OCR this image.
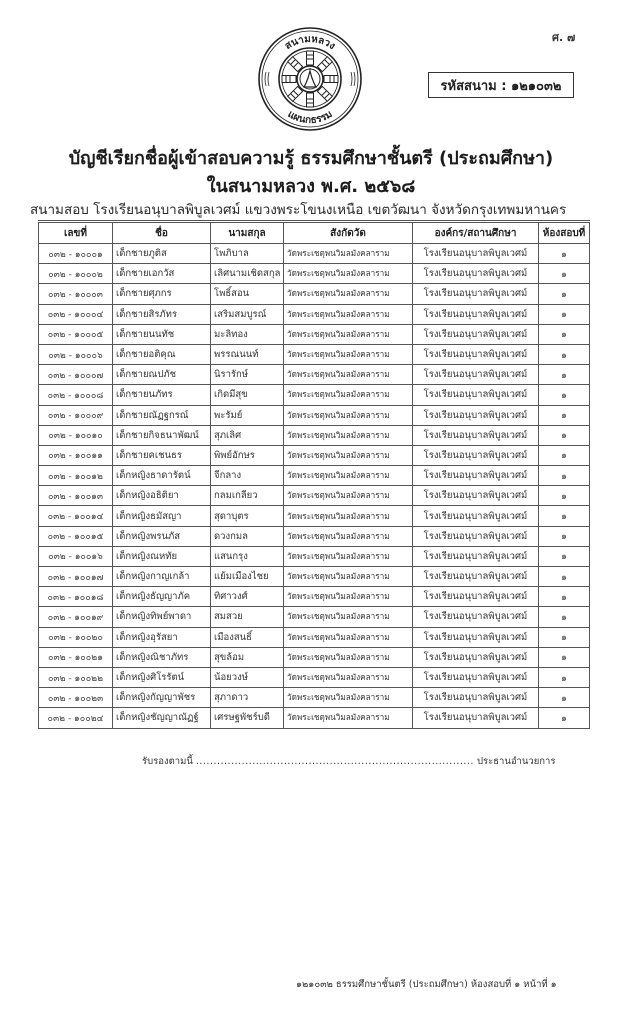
ศ. ๗
สนามหลวง
แผนกธรรม
รหัสสนาม : ๑๒๑๐๓๒
บัญชีเรียกชื่อผู้เข้าสอบความรู้ ธรรมศึกษาชั้นตรี (ประถมศึกษา)
ในสนามหลวง พ.ศ. ๒๕๖๘
สนามสอบ โรงเรียนอนุบาลพิบูลเวศม์ แขวงพระโขนงเหนือ เขตวัฒนา จังหวัดกรุงเทพมหานคร
เลขที่	ชื่อ	นามสกุล	สังกัดวัด	องค์กร/สถานศึกษา	ห้องสอบที่
๐๓๒ - ๑๐๐๐๑	เด็กชายภูติส	โพภิบาล	วัดพระเชตุพนวิมลมังคลาราม	โรงเรียนอนุบาลพิบูลเวศม์	๑
๐๓๒ - ๑๐๐๐๒	เด็กชายเอกวัส	เลิศนามเชิดสกุล	วัดพระเชตุพนวิมลมังคลาราม	โรงเรียนอนุบาลพิบูลเวศม์	๑
๐๓๒ - ๑๐๐๐๓	เด็กชายศุภกร	โพธิ์สอน	วัดพระเชตุพนวิมลมังคลาราม	โรงเรียนอนุบาลพิบูลเวศม์	๑
๐๓๒ - ๑๐๐๐๔	เด็กชายสิรภัทร	เสริมสมบูรณ์	วัดพระเชตุพนวิมลมังคลาราม	โรงเรียนอนุบาลพิบูลเวศม์	๑
๐๓๒ - ๑๐๐๐๕	เด็กชายนนทัช	มะลิทอง	วัดพระเชตุพนวิมลมังคลาราม	โรงเรียนอนุบาลพิบูลเวศม์	๑
๐๓๒ - ๑๐๐๐๖	เด็กชายอติคุณ	พรรณนนท์	วัดพระเชตุพนวิมลมังคลาราม	โรงเรียนอนุบาลพิบูลเวศม์	๑
๐๓๒ - ๑๐๐๐๗	เด็กชายณปภัช	นิรารักษ์	วัดพระเชตุพนวิมลมังคลาราม	โรงเรียนอนุบาลพิบูลเวศม์	๑
๐๓๒ - ๑๐๐๐๘	เด็กชายนภัทร	เกิดมีสุข	วัดพระเชตุพนวิมลมังคลาราม	โรงเรียนอนุบาลพิบูลเวศม์	๑
๐๓๒ - ๑๐๐๐๙	เด็กชายณัฏฐกรณ์	พะรัมย์	วัดพระเชตุพนวิมลมังคลาราม	โรงเรียนอนุบาลพิบูลเวศม์	๑
๐๓๒ - ๑๐๐๑๐	เด็กชายกิจธนาพัฒน์	สุภเลิศ	วัดพระเชตุพนวิมลมังคลาราม	โรงเรียนอนุบาลพิบูลเวศม์	๑
๐๓๒ - ๑๐๐๑๑	เด็กชายคเชนธร	พิพย์อักษร	วัดพระเชตุพนวิมลมังคลาราม	โรงเรียนอนุบาลพิบูลเวศม์	๑
๐๓๒ - ๑๐๐๑๒	เด็กหญิงธาดารัตน์	จีกลาง	วัดพระเชตุพนวิมลมังคลาราม	โรงเรียนอนุบาลพิบูลเวศม์	๑
๐๓๒ - ๑๐๐๑๓	เด็กหญิงอธิติยา	กลมเกลียว	วัดพระเชตุพนวิมลมังคลาราม	โรงเรียนอนุบาลพิบูลเวศม์	๑
๐๓๒ - ๑๐๐๑๔	เด็กหญิงธมัสญา	สุดาบุตร	วัดพระเชตุพนวิมลมังคลาราม	โรงเรียนอนุบาลพิบูลเวศม์	๑
๐๓๒ - ๑๐๐๑๕	เด็กหญิงพรนภัส	ดวงกมล	วัดพระเชตุพนวิมลมังคลาราม	โรงเรียนอนุบาลพิบูลเวศม์	๑
๐๓๒ - ๑๐๐๑๖	เด็กหญิงณหทัย	แสนกรุง	วัดพระเชตุพนวิมลมังคลาราม	โรงเรียนอนุบาลพิบูลเวศม์	๑
๐๓๒ - ๑๐๐๑๗	เด็กหญิงกาญเกล้า	แย้มเมืองไชย	วัดพระเชตุพนวิมลมังคลาราม	โรงเรียนอนุบาลพิบูลเวศม์	๑
๐๓๒ - ๑๐๐๑๘	เด็กหญิงธัญญาภัค	ทิศาวงศ์	วัดพระเชตุพนวิมลมังคลาราม	โรงเรียนอนุบาลพิบูลเวศม์	๑
๐๓๒ - ๑๐๐๑๙	เด็กหญิงทิพย์พาดา	สมสวย	วัดพระเชตุพนวิมลมังคลาราม	โรงเรียนอนุบาลพิบูลเวศม์	๑
๐๓๒ - ๑๐๐๒๐	เด็กหญิงอุรัสยา	เมืองสนธิ์	วัดพระเชตุพนวิมลมังคลาราม	โรงเรียนอนุบาลพิบูลเวศม์	๑
๐๓๒ - ๑๐๐๒๑	เด็กหญิงณิชาภัทร	สุขล้อม	วัดพระเชตุพนวิมลมังคลาราม	โรงเรียนอนุบาลพิบูลเวศม์	๑
๐๓๒ - ๑๐๐๒๒	เด็กหญิงศิโรรัตน์	น้อยวงษ์	วัดพระเชตุพนวิมลมังคลาราม	โรงเรียนอนุบาลพิบูลเวศม์	๑
๐๓๒ - ๑๐๐๒๓	เด็กหญิงกัญญาพัชร	สุภาดาว	วัดพระเชตุพนวิมลมังคลาราม	โรงเรียนอนุบาลพิบูลเวศม์	๑
๐๓๒ - ๑๐๐๒๔	เด็กหญิงชัญญาณัฏฐ์	เศรษฐพัชร์บดี	วัดพระเชตุพนวิมลมังคลาราม	โรงเรียนอนุบาลพิบูลเวศม์	๑
รับรองตามนี้ ............................................................................... ประธานอำนวยการ
๑๒๑๐๓๒ ธรรมศึกษาชั้นตรี (ประถมศึกษา) ห้องสอบที่ ๑ หน้าที่ ๑
